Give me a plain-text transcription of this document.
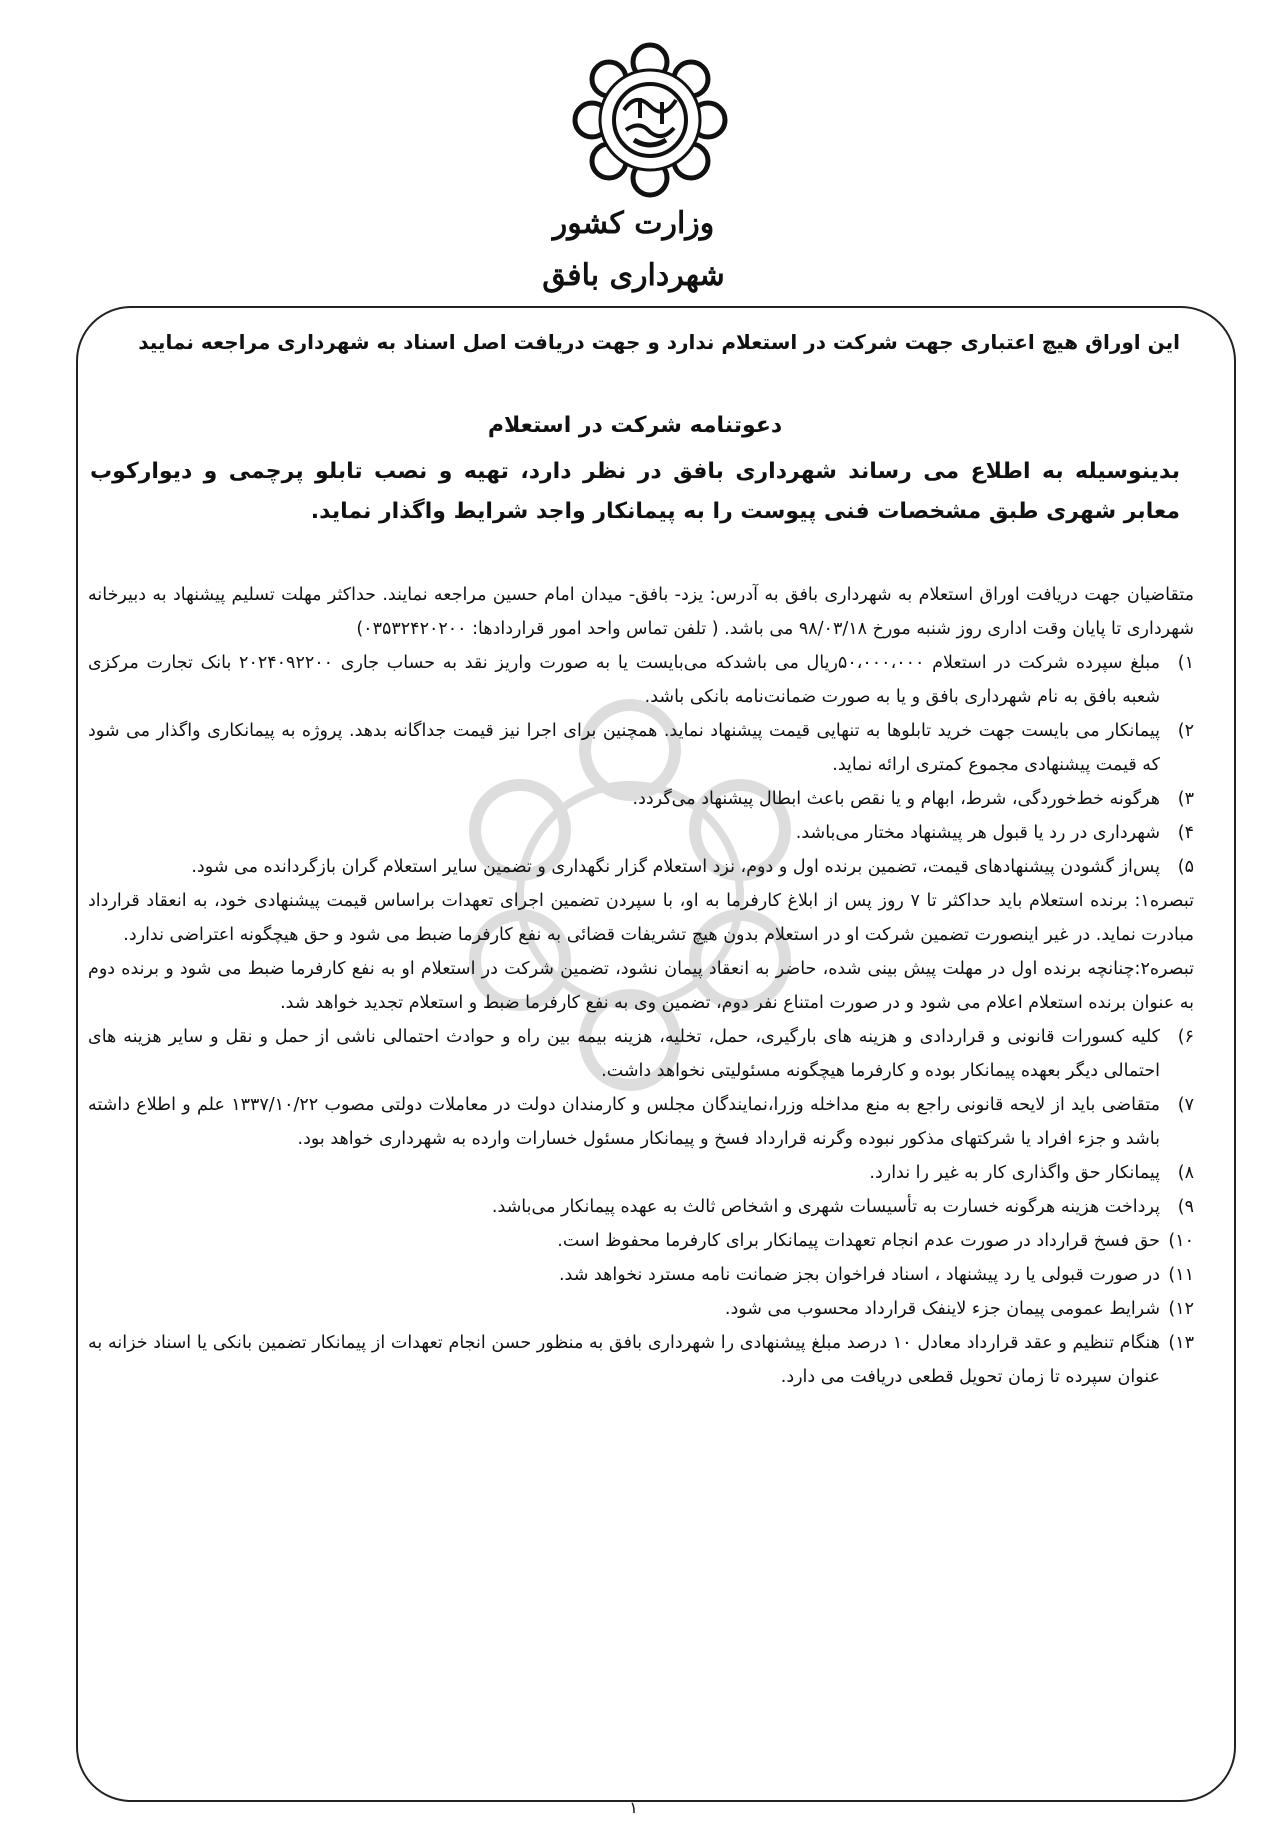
وزارت کشور
شهرداری بافق
این اوراق هیچ اعتباری جهت شرکت در استعلام ندارد و جهت دریافت اصل اسناد به شهرداری مراجعه نمایید
دعوتنامه شرکت در استعلام
بدینوسیله به اطلاع می رساند شهرداری بافق در نظر دارد، تهیه و نصب تابلو پرچمی و دیوارکوب معابر شهری طبق مشخصات فنی پیوست را به پیمانکار واجد شرایط واگذار نماید.

متقاضیان جهت دریافت اوراق استعلام به شهرداری بافق به آدرس: یزد- بافق- میدان امام حسین مراجعه نمایند. حداکثر مهلت تسلیم پیشنهاد به دبیرخانه شهرداری تا پایان وقت اداری روز شنبه مورخ ۹۸/۰۳/۱۸ می باشد. ( تلفن تماس واحد امور قراردادها: ۰۳۵۳۲۴۲۰۲۰۰)

۱)
مبلغ سپرده شرکت در استعلام ۵۰،۰۰۰،۰۰۰ریال می باشدکه می‌بایست یا به صورت واریز نقد به حساب جاری ۲۰۲۴۰۹۲۲۰۰ بانک تجارت مرکزی شعبه بافق به نام شهرداری بافق و یا به صورت ضمانت‌نامه بانکی باشد.
۲)
پیمانکار می بایست جهت خرید تابلوها به تنهایی قیمت پیشنهاد نماید. همچنین برای اجرا نیز قیمت جداگانه بدهد. پروژه به پیمانکاری واگذار می شود که قیمت پیشنهادی مجموع کمتری ارائه نماید.
۳)
هرگونه خط‌خوردگی، شرط، ابهام و یا نقص باعث ابطال پیشنهاد می‌گردد.
۴)
شهرداری در رد یا قبول هر پیشنهاد مختار می‌باشد.
۵)
پس‌از گشودن پیشنهادهای قیمت، تضمین برنده اول و دوم، نزد استعلام گزار نگهداری و تضمین سایر استعلام گران بازگردانده می شود.

تبصره۱: برنده استعلام باید حداکثر تا ۷ روز پس از ابلاغ کارفرما به او، با سپردن تضمین اجرای تعهدات براساس قیمت پیشنهادی خود، به انعقاد قرارداد مبادرت نماید. در غیر اینصورت تضمین شرکت او در استعلام بدون هیچ تشریفات قضائی به نفع کارفرما ضبط می شود و حق هیچگونه اعتراضی ندارد.

تبصره۲:چنانچه برنده اول در مهلت پیش بینی شده، حاضر به انعقاد پیمان نشود، تضمین شرکت در استعلام او به نفع کارفرما ضبط می شود و برنده دوم به عنوان برنده استعلام اعلام می شود و در صورت امتناع نفر دوم، تضمین وی به نفع کارفرما ضبط و استعلام تجدید خواهد شد.

۶)
کلیه کسورات قانونی و قراردادی و هزینه های بارگیری، حمل، تخلیه، هزینه بیمه بین راه و حوادث احتمالی ناشی از حمل و نقل و سایر هزینه های احتمالی دیگر بعهده پیمانکار بوده و کارفرما هیچگونه مسئولیتی نخواهد داشت.
۷)
متقاضی باید از لایحه قانونی راجع به منع مداخله وزرا،نمایندگان مجلس و کارمندان دولت در معاملات دولتی مصوب ۱۳۳۷/۱۰/۲۲ علم و اطلاع داشته باشد و جزء افراد یا شرکتهای مذکور نبوده وگرنه قرارداد فسخ و پیمانکار مسئول خسارات وارده به شهرداری خواهد بود.
۸)
پیمانکار حق واگذاری کار به غیر را ندارد.
۹)
پرداخت هزینه هرگونه خسارت به تأسیسات شهری و اشخاص ثالث به عهده پیمانکار می‌باشد.
۱۰)
حق فسخ قرارداد در صورت عدم انجام تعهدات پیمانکار برای کارفرما محفوظ است.
۱۱)
در صورت قبولی یا رد پیشنهاد ، اسناد فراخوان بجز ضمانت نامه مسترد نخواهد شد.
۱۲)
شرایط عمومی پیمان جزء لاینفک قرارداد محسوب می شود.
۱۳)
هنگام تنظیم و عقد قرارداد معادل ۱۰ درصد مبلغ پیشنهادی را شهرداری بافق به منظور حسن انجام تعهدات از پیمانکار تضمین بانکی یا اسناد خزانه به عنوان سپرده تا زمان تحویل قطعی دریافت می دارد.
۱
